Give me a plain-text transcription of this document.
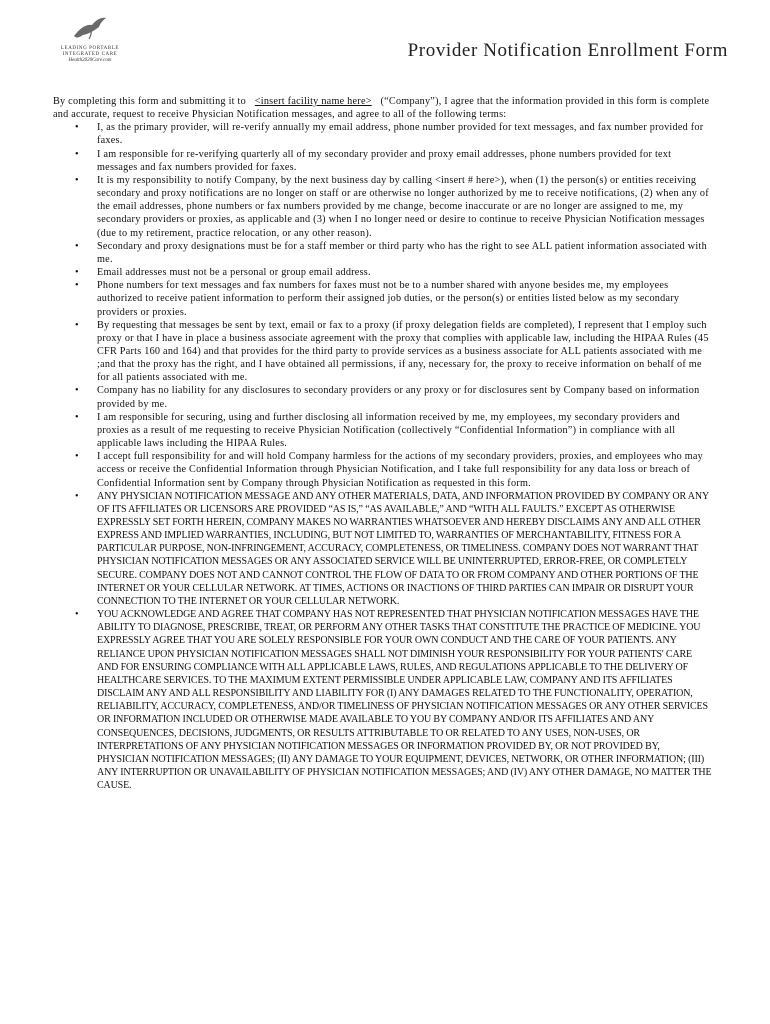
LEADING PORTABLE INTEGRATED CARE
Health2020Care.com	Provider Notification Enrollment Form

By completing this form and submitting it to <insert facility name here> (“Company”), I agree that the information provided in this form is complete and accurate, request to receive Physician Notification messages, and agree to all of the following terms:

• I, as the primary provider, will re-verify annually my email address, phone number provided for text messages, and fax number provided for faxes.
• I am responsible for re-verifying quarterly all of my secondary provider and proxy email addresses, phone numbers provided for text messages and fax numbers provided for faxes.
• It is my responsibility to notify Company, by the next business day by calling <insert # here>), when (1) the person(s) or entities receiving secondary and proxy notifications are no longer on staff or are otherwise no longer authorized by me to receive notifications, (2) when any of the email addresses, phone numbers or fax numbers provided by me change, become inaccurate or are no longer are assigned to me, my secondary providers or proxies, as applicable and (3) when I no longer need or desire to continue to receive Physician Notification messages (due to my retirement, practice relocation, or any other reason).
• Secondary and proxy designations must be for a staff member or third party who has the right to see ALL patient information associated with me.
• Email addresses must not be a personal or group email address.
• Phone numbers for text messages and fax numbers for faxes must not be to a number shared with anyone besides me, my employees authorized to receive patient information to perform their assigned job duties, or the person(s) or entities listed below as my secondary providers or proxies.
• By requesting that messages be sent by text, email or fax to a proxy (if proxy delegation fields are completed), I represent that I employ such proxy or that I have in place a business associate agreement with the proxy that complies with applicable law, including the HIPAA Rules (45 CFR Parts 160 and 164) and that provides for the third party to provide services as a business associate for ALL patients associated with me ;and that the proxy has the right, and I have obtained all permissions, if any, necessary for, the proxy to receive information on behalf of me for all patients associated with me.
• Company has no liability for any disclosures to secondary providers or any proxy or for disclosures sent by Company based on information provided by me.
• I am responsible for securing, using and further disclosing all information received by me, my employees, my secondary providers and proxies as a result of me requesting to receive Physician Notification (collectively “Confidential Information”) in compliance with all applicable laws including the HIPAA Rules.
• I accept full responsibility for and will hold Company harmless for the actions of my secondary providers, proxies, and employees who may access or receive the Confidential Information through Physician Notification, and I take full responsibility for any data loss or breach of Confidential Information sent by Company through Physician Notification as requested in this form.
• ANY PHYSICIAN NOTIFICATION MESSAGE AND ANY OTHER MATERIALS, DATA, AND INFORMATION PROVIDED BY COMPANY OR ANY OF ITS AFFILIATES OR LICENSORS ARE PROVIDED “AS IS,” “AS AVAILABLE,” AND “WITH ALL FAULTS.” EXCEPT AS OTHERWISE EXPRESSLY SET FORTH HEREIN, COMPANY MAKES NO WARRANTIES WHATSOEVER AND HEREBY DISCLAIMS ANY AND ALL OTHER EXPRESS AND IMPLIED WARRANTIES, INCLUDING, BUT NOT LIMITED TO, WARRANTIES OF MERCHANTABILITY, FITNESS FOR A PARTICULAR PURPOSE, NON-INFRINGEMENT, ACCURACY, COMPLETENESS, OR TIMELINESS. COMPANY DOES NOT WARRANT THAT PHYSICIAN NOTIFICATION MESSAGES OR ANY ASSOCIATED SERVICE WILL BE UNINTERRUPTED, ERROR-FREE, OR COMPLETELY SECURE. COMPANY DOES NOT AND CANNOT CONTROL THE FLOW OF DATA TO OR FROM COMPANY AND OTHER PORTIONS OF THE INTERNET OR YOUR CELLULAR NETWORK. AT TIMES, ACTIONS OR INACTIONS OF THIRD PARTIES CAN IMPAIR OR DISRUPT YOUR CONNECTION TO THE INTERNET OR YOUR CELLULAR NETWORK.
• YOU ACKNOWLEDGE AND AGREE THAT COMPANY HAS NOT REPRESENTED THAT PHYSICIAN NOTIFICATION MESSAGES HAVE THE ABILITY TO DIAGNOSE, PRESCRIBE, TREAT, OR PERFORM ANY OTHER TASKS THAT CONSTITUTE THE PRACTICE OF MEDICINE. YOU EXPRESSLY AGREE THAT YOU ARE SOLELY RESPONSIBLE FOR YOUR OWN CONDUCT AND THE CARE OF YOUR PATIENTS. ANY RELIANCE UPON PHYSICIAN NOTIFICATION MESSAGES SHALL NOT DIMINISH YOUR RESPONSIBILITY FOR YOUR PATIENTS' CARE AND FOR ENSURING COMPLIANCE WITH ALL APPLICABLE LAWS, RULES, AND REGULATIONS APPLICABLE TO THE DELIVERY OF HEALTHCARE SERVICES. TO THE MAXIMUM EXTENT PERMISSIBLE UNDER APPLICABLE LAW, COMPANY AND ITS AFFILIATES DISCLAIM ANY AND ALL RESPONSIBILITY AND LIABILITY FOR (I) ANY DAMAGES RELATED TO THE FUNCTIONALITY, OPERATION, RELIABILITY, ACCURACY, COMPLETENESS, AND/OR TIMELINESS OF PHYSICIAN NOTIFICATION MESSAGES OR ANY OTHER SERVICES OR INFORMATION INCLUDED OR OTHERWISE MADE AVAILABLE TO YOU BY COMPANY AND/OR ITS AFFILIATES AND ANY CONSEQUENCES, DECISIONS, JUDGMENTS, OR RESULTS ATTRIBUTABLE TO OR RELATED TO ANY USES, NON-USES, OR INTERPRETATIONS OF ANY PHYSICIAN NOTIFICATION MESSAGES OR INFORMATION PROVIDED BY, OR NOT PROVIDED BY, PHYSICIAN NOTIFICATION MESSAGES; (II) ANY DAMAGE TO YOUR EQUIPMENT, DEVICES, NETWORK, OR OTHER INFORMATION; (III) ANY INTERRUPTION OR UNAVAILABILITY OF PHYSICIAN NOTIFICATION MESSAGES; AND (IV) ANY OTHER DAMAGE, NO MATTER THE CAUSE.
